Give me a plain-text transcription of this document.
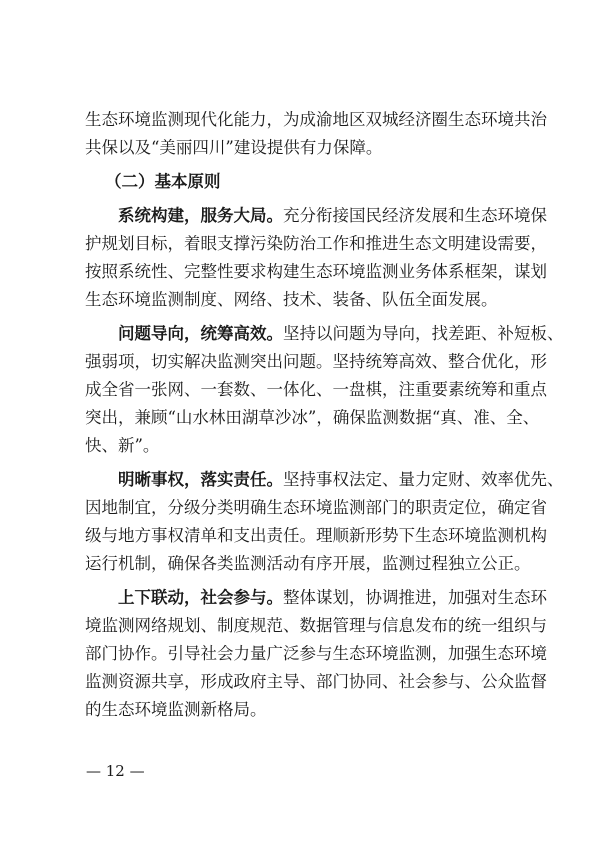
生态环境监测现代化能力，为成渝地区双城经济圈生态环境共治
共保以及“美丽四川”建设提供有力保障。
（二）基本原则
系统构建，服务大局。充分衔接国民经济发展和生态环境保
护规划目标，着眼支撑污染防治工作和推进生态文明建设需要，
按照系统性、完整性要求构建生态环境监测业务体系框架，谋划
生态环境监测制度、网络、技术、装备、队伍全面发展。
问题导向，统筹高效。坚持以问题为导向，找差距、补短板、
强弱项，切实解决监测突出问题。坚持统筹高效、整合优化，形
成全省一张网、一套数、一体化、一盘棋，注重要素统筹和重点
突出，兼顾“山水林田湖草沙冰”，确保监测数据“真、准、全、
快、新”。
明晰事权，落实责任。坚持事权法定、量力定财、效率优先、
因地制宜，分级分类明确生态环境监测部门的职责定位，确定省
级与地方事权清单和支出责任。理顺新形势下生态环境监测机构
运行机制，确保各类监测活动有序开展，监测过程独立公正。
上下联动，社会参与。整体谋划，协调推进，加强对生态环
境监测网络规划、制度规范、数据管理与信息发布的统一组织与
部门协作。引导社会力量广泛参与生态环境监测，加强生态环境
监测资源共享，形成政府主导、部门协同、社会参与、公众监督
的生态环境监测新格局。
— 12 —
